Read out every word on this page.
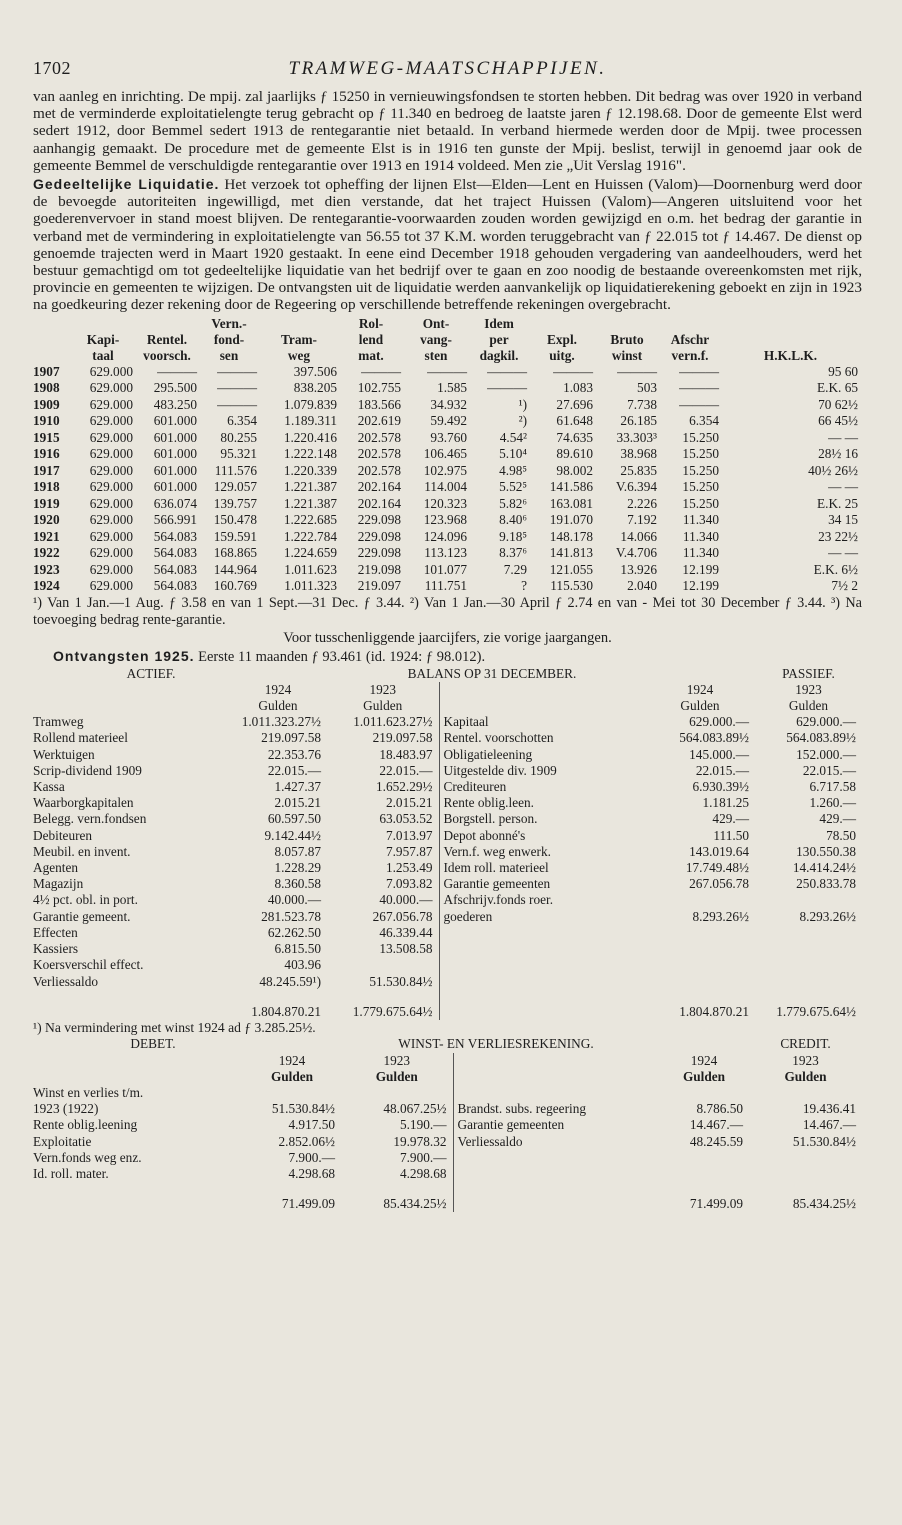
1702	TRAMWEG-MAATSCHAPPIJEN.

van aanleg en inrichting. De mpij. zal jaarlijks ƒ 15250 in vernieuwingsfondsen te storten hebben. Dit bedrag was over 1920 in verband met de verminderde exploitatielengte terug gebracht op ƒ 11.340 en bedroeg de laatste jaren ƒ 12.198.68. Door de gemeente Elst werd sedert 1912, door Bemmel sedert 1913 de rentegarantie niet betaald. In verband hiermede werden door de Mpij. twee processen aanhangig gemaakt. De procedure met de gemeente Elst is in 1916 ten gunste der Mpij. beslist, terwijl in genoemd jaar ook de gemeente Bemmel de verschuldigde rentegarantie over 1913 en 1914 voldeed. Men zie „Uit Verslag 1916".

Gedeeltelijke Liquidatie. Het verzoek tot opheffing der lijnen Elst—Elden—Lent en Huissen (Valom)—Doornenburg werd door de bevoegde autoriteiten ingewilligd, met dien verstande, dat het traject Huissen (Valom)—Angeren uitsluitend voor het goederenvervoer in stand moest blijven. De rentegarantie-voorwaarden zouden worden gewijzigd en o.m. het bedrag der garantie in verband met de vermindering in exploitatielengte van 56.55 tot 37 K.M. worden teruggebracht van ƒ 22.015 tot ƒ 14.467. De dienst op genoemde trajecten werd in Maart 1920 gestaakt. In eene eind December 1918 gehouden vergadering van aandeelhouders, werd het bestuur gemachtigd om tot gedeeltelijke liquidatie van het bedrijf over te gaan en zoo noodig de bestaande overeenkomsten met rijk, provincie en gemeenten te wijzigen. De ontvangsten uit de liquidatie werden aanvankelijk op liquidatierekening geboekt en zijn in 1923 na goedkeuring dezer rekening door de Regeering op verschillende betreffende rekeningen overgebracht.

			Vern.-		Rol-	Ont-	Idem				
	Kapi-	Rentel.	fond-	Tram-	lend	vang-	per	Expl.	Bruto	Afschr	
	taal	voorsch.	sen	weg	mat.	sten	dagkil.	uitg.	winst	vern.f.	H.K.L.K.
1907	629.000	———	———	397.506	———	———	———	———	———	———	95 60
1908	629.000	295.500	———	838.205	102.755	1.585	———	1.083	503	———	E.K. 65
1909	629.000	483.250	———	1.079.839	183.566	34.932	¹)	27.696	7.738	———	70 62½
1910	629.000	601.000	6.354	1.189.311	202.619	59.492	²)	61.648	26.185	6.354	66 45½
1915	629.000	601.000	80.255	1.220.416	202.578	93.760	4.54²	74.635	33.303³	15.250	— —
1916	629.000	601.000	95.321	1.222.148	202.578	106.465	5.10⁴	89.610	38.968	15.250	28½ 16
1917	629.000	601.000	111.576	1.220.339	202.578	102.975	4.98⁵	98.002	25.835	15.250	40½ 26½
1918	629.000	601.000	129.057	1.221.387	202.164	114.004	5.52⁵	141.586	V.6.394	15.250	— —
1919	629.000	636.074	139.757	1.221.387	202.164	120.323	5.82⁶	163.081	2.226	15.250	E.K. 25
1920	629.000	566.991	150.478	1.222.685	229.098	123.968	8.40⁶	191.070	7.192	11.340	34 15
1921	629.000	564.083	159.591	1.222.784	229.098	124.096	9.18⁵	148.178	14.066	11.340	23 22½
1922	629.000	564.083	168.865	1.224.659	229.098	113.123	8.37⁶	141.813	V.4.706	11.340	— —
1923	629.000	564.083	144.964	1.011.623	219.098	101.077	7.29	121.055	13.926	12.199	E.K. 6½
1924	629.000	564.083	160.769	1.011.323	219.097	111.751	?	115.530	2.040	12.199	7½ 2

¹) Van 1 Jan.—1 Aug. ƒ 3.58 en van 1 Sept.—31 Dec. ƒ 3.44. ²) Van 1 Jan.—30 April ƒ 2.74 en van - Mei tot 30 December ƒ 3.44. ³) Na toevoeging bedrag rente-garantie.

Voor tusschenliggende jaarcijfers, zie vorige jaargangen.

Ontvangsten 1925. Eerste 11 maanden ƒ 93.461 (id. 1924: ƒ 98.012).

ACTIEF.	BALANS OP 31 DECEMBER.				PASSIEF.
	1924	1923		1924	1923
	Gulden	Gulden		Gulden	Gulden
Tramweg	1.011.323.27½	1.011.623.27½	Kapitaal	629.000.—	629.000.—
Rollend materieel	219.097.58	219.097.58	Rentel. voorschotten	564.083.89½	564.083.89½
Werktuigen	22.353.76	18.483.97	Obligatieleening	145.000.—	152.000.—
Scrip-dividend 1909	22.015.—	22.015.—	Uitgestelde div. 1909	22.015.—	22.015.—
Kassa	1.427.37	1.652.29½	Crediteuren	6.930.39½	6.717.58
Waarborgkapitalen	2.015.21	2.015.21	Rente oblig.leen.	1.181.25	1.260.—
Belegg. vern.fondsen	60.597.50	63.053.52	Borgstell. person.	429.—	429.—
Debiteuren	9.142.44½	7.013.97	Depot abonné's	111.50	78.50
Meubil. en invent.	8.057.87	7.957.87	Vern.f. weg enwerk.	143.019.64	130.550.38
Agenten	1.228.29	1.253.49	Idem roll. materieel	17.749.48½	14.414.24½
Magazijn	8.360.58	7.093.82	Garantie gemeenten	267.056.78	250.833.78
4½ pct. obl. in port.	40.000.—	40.000.—	Afschrijv.fonds roer.		
Garantie gemeent.	281.523.78	267.056.78	goederen	8.293.26½	8.293.26½
Effecten	62.262.50	46.339.44			
Kassiers	6.815.50	13.508.58			
Koersverschil effect.	403.96				
Verliessaldo	48.245.59¹)	51.530.84½			
	1.804.870.21	1.779.675.64½		1.804.870.21	1.779.675.64½

¹) Na vermindering met winst 1924 ad ƒ 3.285.25½.

DEBET.	WINST- EN VERLIESREKENING.				CREDIT.
	1924	1923		1924	1923
	Gulden	Gulden		Gulden	Gulden
Winst en verlies t/m.					
1923 (1922)	51.530.84½	48.067.25½	Brandst. subs. regeering	8.786.50	19.436.41
Rente oblig.leening	4.917.50	5.190.—	Garantie gemeenten	14.467.—	14.467.—
Exploitatie	2.852.06½	19.978.32	Verliessaldo	48.245.59	51.530.84½
Vern.fonds weg enz.	7.900.—	7.900.—			
Id. roll. mater.	4.298.68	4.298.68			
	71.499.09	85.434.25½		71.499.09	85.434.25½
